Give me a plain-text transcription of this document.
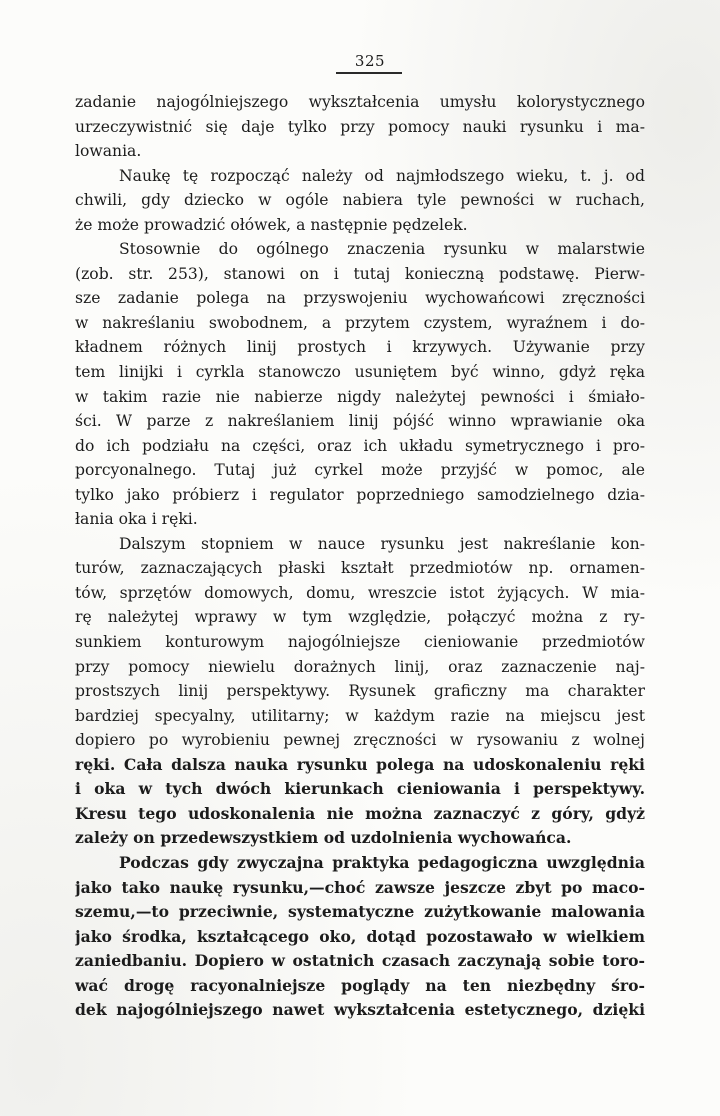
325
zadanie najogólniejszego wykształcenia umysłu kolorystycznego
urzeczywistnić się daje tylko przy pomocy nauki rysunku i ma-
lowania.
Naukę tę rozpocząć należy od najmłodszego wieku, t. j. od
chwili, gdy dziecko w ogóle nabiera tyle pewności w ruchach,
że może prowadzić ołówek, a następnie pędzelek.
Stosownie do ogólnego znaczenia rysunku w malarstwie
(zob. str. 253), stanowi on i tutaj konieczną podstawę. Pierw-
sze zadanie polega na przyswojeniu wychowańcowi zręczności
w nakreślaniu swobodnem, a przytem czystem, wyraźnem i do-
kładnem różnych linij prostych i krzywych. Używanie przy
tem linijki i cyrkla stanowczo usuniętem być winno, gdyż ręka
w takim razie nie nabierze nigdy należytej pewności i śmiało-
ści. W parze z nakreślaniem linij pójść winno wprawianie oka
do ich podziału na części, oraz ich układu symetrycznego i pro-
porcyonalnego. Tutaj już cyrkel może przyjść w pomoc, ale
tylko jako próbierz i regulator poprzedniego samodzielnego dzia-
łania oka i ręki.
Dalszym stopniem w nauce rysunku jest nakreślanie kon-
turów, zaznaczających płaski kształt przedmiotów np. ornamen-
tów, sprzętów domowych, domu, wreszcie istot żyjących. W mia-
rę należytej wprawy w tym względzie, połączyć można z ry-
sunkiem konturowym najogólniejsze cieniowanie przedmiotów
przy pomocy niewielu dorażnych linij, oraz zaznaczenie naj-
prostszych linij perspektywy. Rysunek graficzny ma charakter
bardziej specyalny, utilitarny; w każdym razie na miejscu jest
dopiero po wyrobieniu pewnej zręczności w rysowaniu z wolnej
ręki. Cała dalsza nauka rysunku polega na udoskonaleniu ręki
i oka w tych dwóch kierunkach cieniowania i perspektywy.
Kresu tego udoskonalenia nie można zaznaczyć z góry, gdyż
zależy on przedewszystkiem od uzdolnienia wychowańca.
Podczas gdy zwyczajna praktyka pedagogiczna uwzględnia
jako tako naukę rysunku,—choć zawsze jeszcze zbyt po maco-
szemu,—to przeciwnie, systematyczne zużytkowanie malowania
jako środka, kształcącego oko, dotąd pozostawało w wielkiem
zaniedbaniu. Dopiero w ostatnich czasach zaczynają sobie toro-
wać drogę racyonalniejsze poglądy na ten niezbędny śro-
dek najogólniejszego nawet wykształcenia estetycznego, dzięki
